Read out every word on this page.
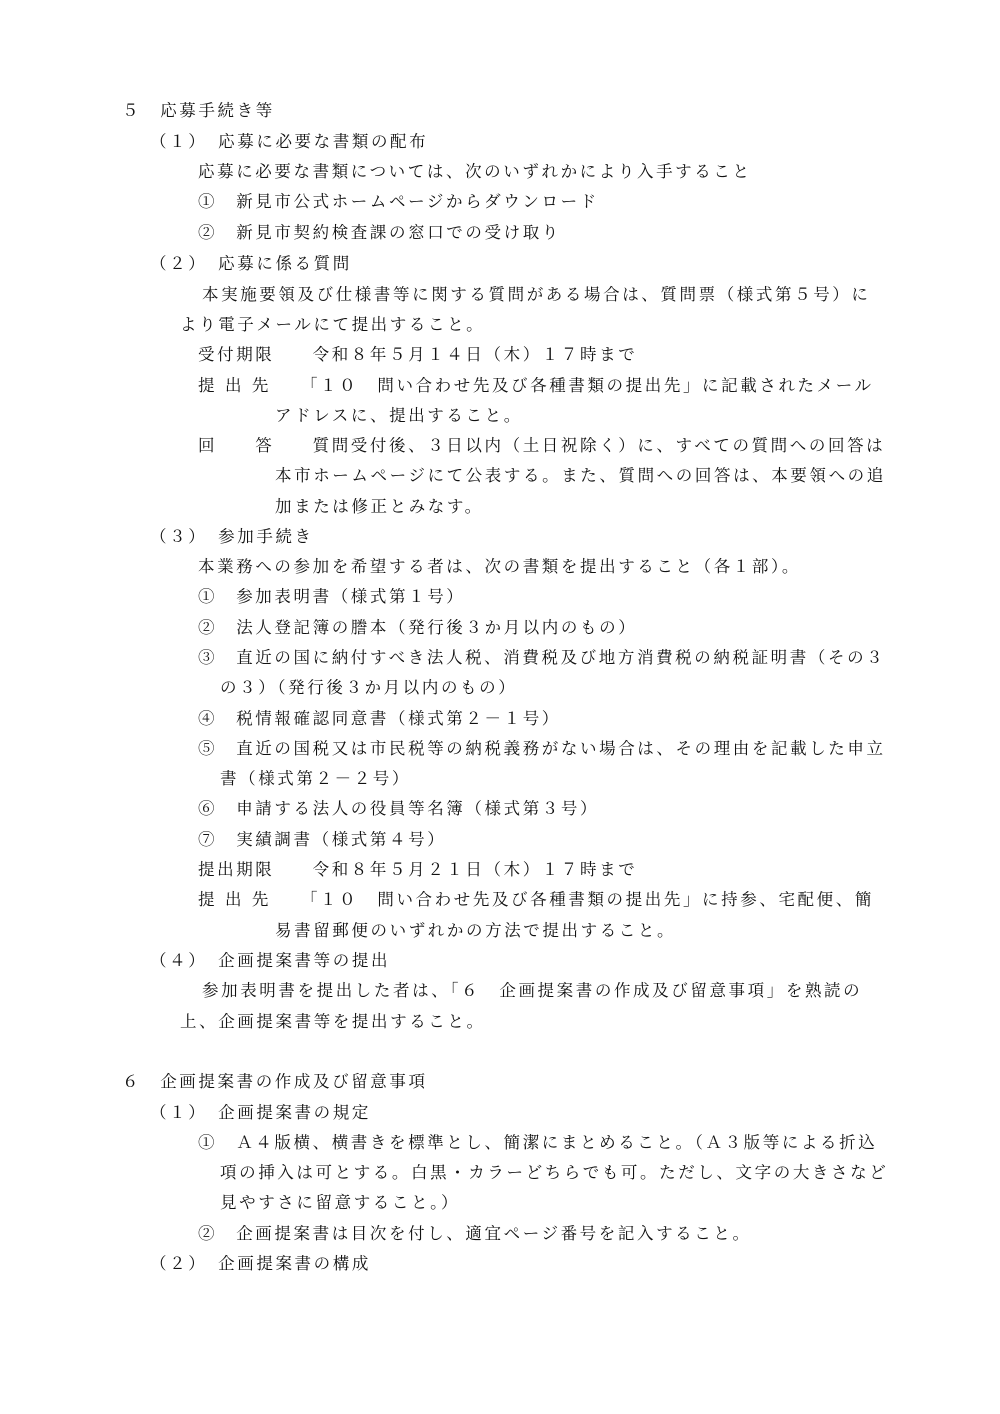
５　応募手続き等
（１）　応募に必要な書類の配布
応募に必要な書類については、次のいずれかにより入手すること
①　新見市公式ホームページからダウンロード
②　新見市契約検査課の窓口での受け取り
（２）　応募に係る質問
本実施要領及び仕様書等に関する質問がある場合は、質問票（様式第５号）に
より電子メールにて提出すること。
受付期限　　令和８年５月１４日（木）１７時まで
提 出 先　　「１０　問い合わせ先及び各種書類の提出先」に記載されたメール
アドレスに、提出すること。
回　　答　　質問受付後、３日以内（土日祝除く）に、すべての質問への回答は
本市ホームページにて公表する。また、質問への回答は、本要領への追
加または修正とみなす。
（３）　参加手続き
本業務への参加を希望する者は、次の書類を提出すること（各１部）。
①　参加表明書（様式第１号）
②　法人登記簿の謄本（発行後３か月以内のもの）
③　直近の国に納付すべき法人税、消費税及び地方消費税の納税証明書（その３
の３）（発行後３か月以内のもの）
④　税情報確認同意書（様式第２－１号）
⑤　直近の国税又は市民税等の納税義務がない場合は、その理由を記載した申立
書（様式第２－２号）
⑥　申請する法人の役員等名簿（様式第３号）
⑦　実績調書（様式第４号）
提出期限　　令和８年５月２１日（木）１７時まで
提 出 先　　「１０　問い合わせ先及び各種書類の提出先」に持参、宅配便、簡
易書留郵便のいずれかの方法で提出すること。
（４）　企画提案書等の提出
参加表明書を提出した者は、「６　企画提案書の作成及び留意事項」を熟読の
上、企画提案書等を提出すること。
６　企画提案書の作成及び留意事項
（１）　企画提案書の規定
①　Ａ４版横、横書きを標準とし、簡潔にまとめること。（Ａ３版等による折込
項の挿入は可とする。白黒・カラーどちらでも可。ただし、文字の大きさなど
見やすさに留意すること。）
②　企画提案書は目次を付し、適宜ページ番号を記入すること。
（２）　企画提案書の構成
